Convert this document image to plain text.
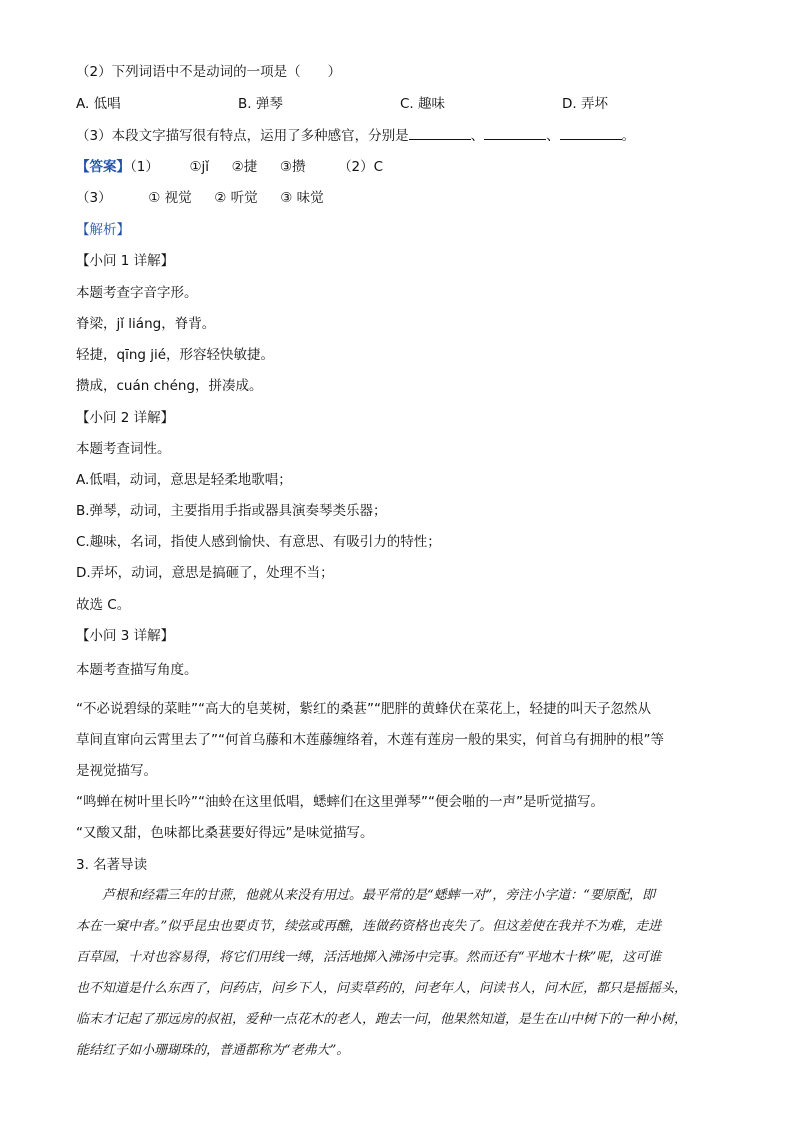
（2）下列词语中不是动词的一项是（　　）
A. 低唱	B. 弹琴	C. 趣味	D. 弄坏
（3）本段文字描写很有特点，运用了多种感官，分别是	、	、	。
【答案】（1） ①jǐ ②捷 ③攒 （2）C
（3）	① 视觉 ② 听觉 ③ 味觉
【解析】
【小问 1 详解】
本题考查字音字形。
脊梁，jǐ liáng，脊背。
轻捷，qīng jié，形容轻快敏捷。
攒成，cuán chéng，拼凑成。
【小问 2 详解】
本题考查词性。
A.低唱，动词，意思是轻柔地歌唱；
B.弹琴，动词，主要指用手指或器具演奏琴类乐器；
C.趣味，名词，指使人感到愉快、有意思、有吸引力的特性；
D.弄坏，动词，意思是搞砸了，处理不当；
故选 C。
【小问 3 详解】
本题考查描写角度。
“不必说碧绿的菜畦”“高大的皂荚树，紫红的桑葚”“肥胖的黄蜂伏在菜花上，轻捷的叫天子忽然从
草间直窜向云霄里去了”“何首乌藤和木莲藤缠络着，木莲有莲房一般的果实，何首乌有拥肿的根”等
是视觉描写。
“鸣蝉在树叶里长吟”“油蛉在这里低唱，蟋蟀们在这里弹琴”“便会啪的一声”是听觉描写。
“又酸又甜，色味都比桑葚要好得远”是味觉描写。
3. 名著导读
　　芦根和经霜三年的甘蔗，他就从来没有用过。最平常的是“蟋蟀一对”，旁注小字道：“要原配，即
本在一窠中者。”似乎昆虫也要贞节，续弦或再醮，连做药资格也丧失了。但这差使在我并不为难，走进
百草园，十对也容易得，将它们用线一缚，活活地掷入沸汤中完事。然而还有“平地木十株”呢，这可谁
也不知道是什么东西了，问药店，问乡下人，问卖草药的，问老年人，问读书人，问木匠，都只是摇摇头，
临末才记起了那远房的叔祖，爱种一点花木的老人，跑去一问，他果然知道，是生在山中树下的一种小树，
能结红子如小珊瑚珠的，普通都称为“老弗大”。
